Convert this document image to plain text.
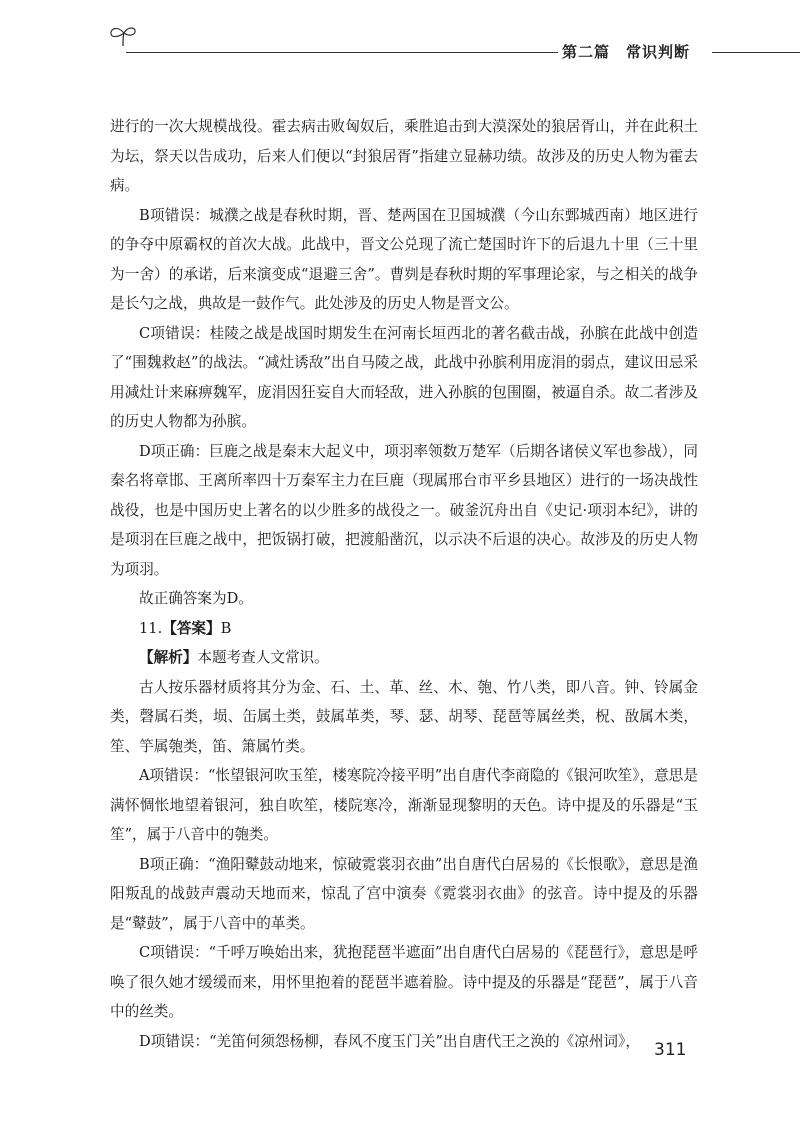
第二篇　常识判断

进行的一次大规模战役。霍去病击败匈奴后，乘胜追击到大漠深处的狼居胥山，并在此积土为坛，祭天以告成功，后来人们便以“封狼居胥”指建立显赫功绩。故涉及的历史人物为霍去病。

B项错误：城濮之战是春秋时期，晋、楚两国在卫国城濮（今山东鄄城西南）地区进行的争夺中原霸权的首次大战。此战中，晋文公兑现了流亡楚国时许下的后退九十里（三十里为一舍）的承诺，后来演变成“退避三舍”。曹刿是春秋时期的军事理论家，与之相关的战争是长勺之战，典故是一鼓作气。此处涉及的历史人物是晋文公。

C项错误：桂陵之战是战国时期发生在河南长垣西北的著名截击战，孙膑在此战中创造了“围魏救赵”的战法。“减灶诱敌”出自马陵之战，此战中孙膑利用庞涓的弱点，建议田忌采用减灶计来麻痹魏军，庞涓因狂妄自大而轻敌，进入孙膑的包围圈，被逼自杀。故二者涉及的历史人物都为孙膑。

D项正确：巨鹿之战是秦末大起义中，项羽率领数万楚军（后期各诸侯义军也参战），同秦名将章邯、王离所率四十万秦军主力在巨鹿（现属邢台市平乡县地区）进行的一场决战性战役，也是中国历史上著名的以少胜多的战役之一。破釜沉舟出自《史记·项羽本纪》，讲的是项羽在巨鹿之战中，把饭锅打破，把渡船凿沉，以示决不后退的决心。故涉及的历史人物为项羽。

故正确答案为D。

11.【答案】B

【解析】本题考查人文常识。

古人按乐器材质将其分为金、石、土、革、丝、木、匏、竹八类，即八音。钟、铃属金类，磬属石类，埙、缶属土类，鼓属革类，琴、瑟、胡琴、琵琶等属丝类，柷、敔属木类，笙、竽属匏类，笛、箫属竹类。

A项错误：“怅望银河吹玉笙，楼寒院冷接平明”出自唐代李商隐的《银河吹笙》，意思是满怀惆怅地望着银河，独自吹笙，楼院寒冷，渐渐显现黎明的天色。诗中提及的乐器是“玉笙”，属于八音中的匏类。

B项正确：“渔阳鼙鼓动地来，惊破霓裳羽衣曲”出自唐代白居易的《长恨歌》，意思是渔阳叛乱的战鼓声震动天地而来，惊乱了宫中演奏《霓裳羽衣曲》的弦音。诗中提及的乐器是“鼙鼓”，属于八音中的革类。

C项错误：“千呼万唤始出来，犹抱琵琶半遮面”出自唐代白居易的《琵琶行》，意思是呼唤了很久她才缓缓而来，用怀里抱着的琵琶半遮着脸。诗中提及的乐器是“琵琶”，属于八音中的丝类。

D项错误：“羌笛何须怨杨柳，春风不度玉门关”出自唐代王之涣的《凉州词》， 311
